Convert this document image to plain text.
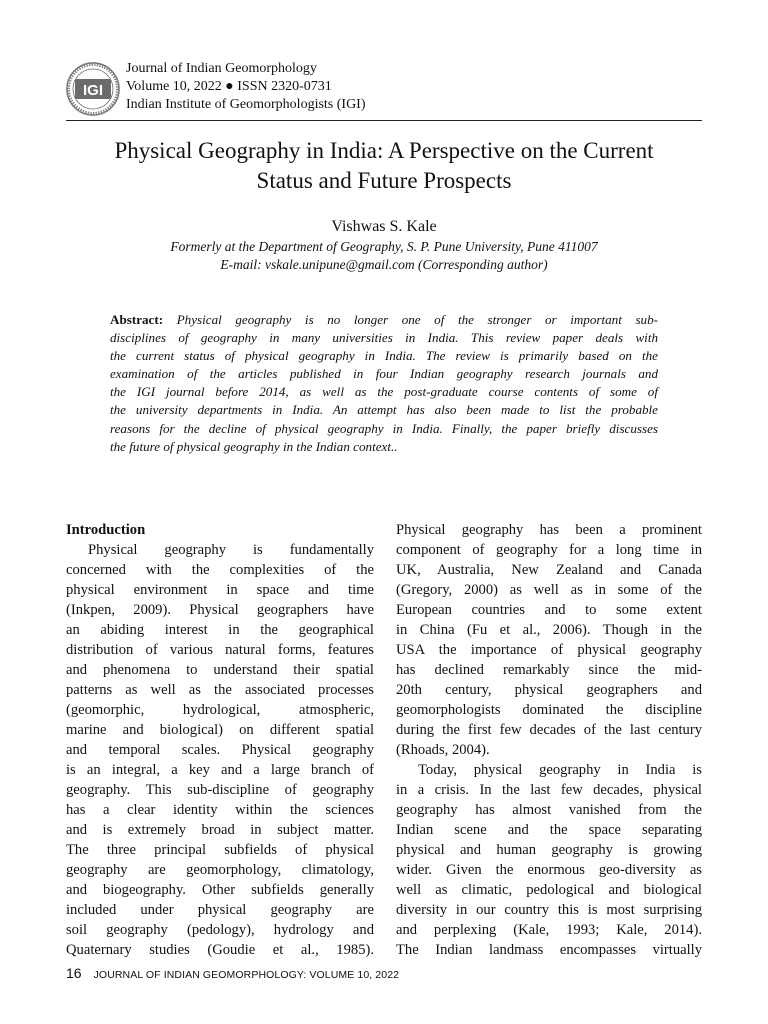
IGI
Journal of Indian Geomorphology
Volume 10, 2022 ● ISSN 2320-0731
Indian Institute of Geomorphologists (IGI)
Physical Geography in India: A Perspective on the Current
Status and Future Prospects
Vishwas S. Kale
Formerly at the Department of Geography, S. P. Pune University, Pune 411007
E-mail: vskale.unipune@gmail.com (Corresponding author)
Abstract: Physical geography is no longer one of the stronger or important sub-
disciplines of geography in many universities in India. This review paper deals with
the current status of physical geography in India. The review is primarily based on the
examination of the articles published in four Indian geography research journals and
the IGI journal before 2014, as well as the post-graduate course contents of some of
the university departments in India. An attempt has also been made to list the probable
reasons for the decline of physical geography in India. Finally, the paper briefly discusses
the future of physical geography in the Indian context..
Introduction
Physical geography is fundamentally
concerned with the complexities of the
physical environment in space and time
(Inkpen, 2009). Physical geographers have
an abiding interest in the geographical
distribution of various natural forms, features
and phenomena to understand their spatial
patterns as well as the associated processes
(geomorphic, hydrological, atmospheric,
marine and biological) on different spatial
and temporal scales. Physical geography
is an integral, a key and a large branch of
geography. This sub-discipline of geography
has a clear identity within the sciences
and is extremely broad in subject matter.
The three principal subfields of physical
geography are geomorphology, climatology,
and biogeography. Other subfields generally
included under physical geography are
soil geography (pedology), hydrology and
Quaternary studies (Goudie et al., 1985).
Physical geography has been a prominent
component of geography for a long time in
UK, Australia, New Zealand and Canada
(Gregory, 2000) as well as in some of the
European countries and to some extent
in China (Fu et al., 2006). Though in the
USA the importance of physical geography
has declined remarkably since the mid-
20th century, physical geographers and
geomorphologists dominated the discipline
during the first few decades of the last century
(Rhoads, 2004).
Today, physical geography in India is
in a crisis. In the last few decades, physical
geography has almost vanished from the
Indian scene and the space separating
physical and human geography is growing
wider. Given the enormous geo-diversity as
well as climatic, pedological and biological
diversity in our country this is most surprising
and perplexing (Kale, 1993; Kale, 2014).
The Indian landmass encompasses virtually
16 JOURNAL OF INDIAN GEOMORPHOLOGY: VOLUME 10, 2022
